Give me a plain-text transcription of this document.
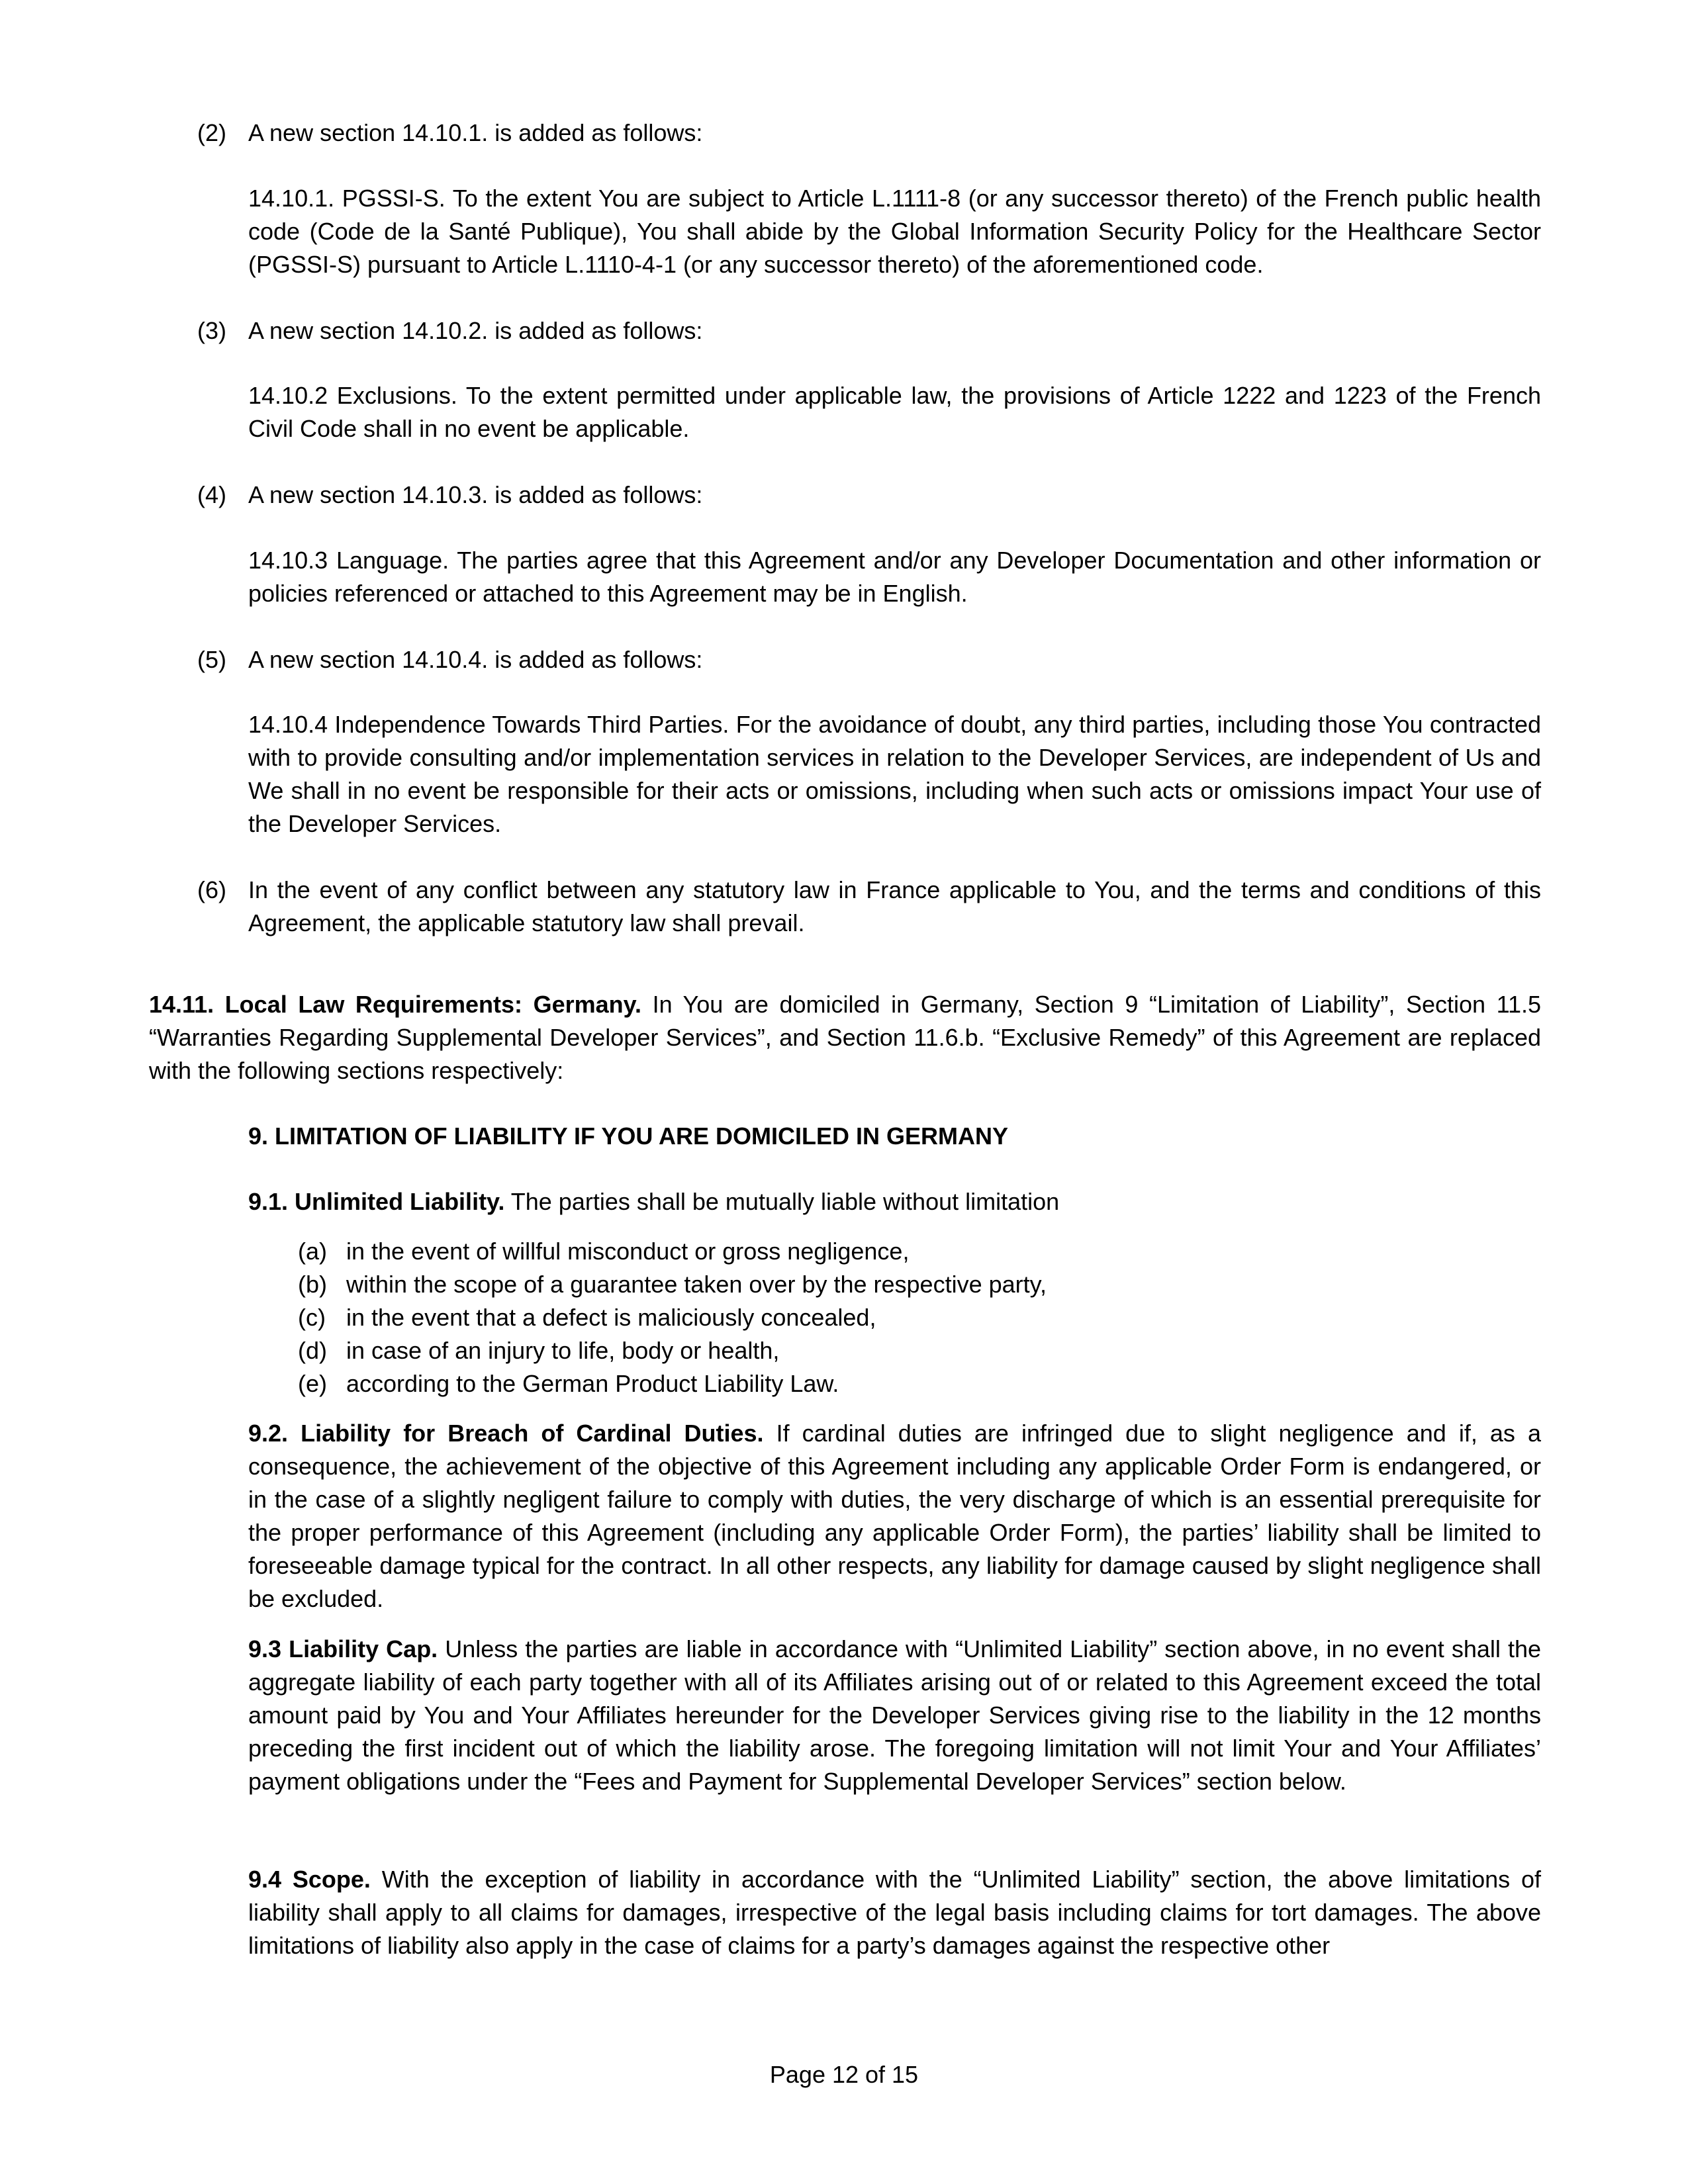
(2) A new section 14.10.1. is added as follows:

14.10.1. PGSSI-S. To the extent You are subject to Article L.1111-8 (or any successor thereto) of the French public health code (Code de la Santé Publique), You shall abide by the Global Information Security Policy for the Healthcare Sector (PGSSI-S) pursuant to Article L.1110-4-1 (or any successor thereto) of the aforementioned code.

(3) A new section 14.10.2. is added as follows:

14.10.2 Exclusions. To the extent permitted under applicable law, the provisions of Article 1222 and 1223 of the French Civil Code shall in no event be applicable.

(4) A new section 14.10.3. is added as follows:

14.10.3 Language. The parties agree that this Agreement and/or any Developer Documentation and other information or policies referenced or attached to this Agreement may be in English.

(5) A new section 14.10.4. is added as follows:

14.10.4 Independence Towards Third Parties. For the avoidance of doubt, any third parties, including those You contracted with to provide consulting and/or implementation services in relation to the Developer Services, are independent of Us and We shall in no event be responsible for their acts or omissions, including when such acts or omissions impact Your use of the Developer Services.

(6) In the event of any conflict between any statutory law in France applicable to You, and the terms and conditions of this Agreement, the applicable statutory law shall prevail.

14.11. Local Law Requirements: Germany. In You are domiciled in Germany, Section 9 “Limitation of Liability”, Section 11.5 “Warranties Regarding Supplemental Developer Services”, and Section 11.6.b. “Exclusive Remedy” of this Agreement are replaced with the following sections respectively:

9. LIMITATION OF LIABILITY IF YOU ARE DOMICILED IN GERMANY

9.1. Unlimited Liability. The parties shall be mutually liable without limitation

(a) in the event of willful misconduct or gross negligence,
(b) within the scope of a guarantee taken over by the respective party,
(c) in the event that a defect is maliciously concealed,
(d) in case of an injury to life, body or health,
(e) according to the German Product Liability Law.

9.2. Liability for Breach of Cardinal Duties. If cardinal duties are infringed due to slight negligence and if, as a consequence, the achievement of the objective of this Agreement including any applicable Order Form is endangered, or in the case of a slightly negligent failure to comply with duties, the very discharge of which is an essential prerequisite for the proper performance of this Agreement (including any applicable Order Form), the parties’ liability shall be limited to foreseeable damage typical for the contract. In all other respects, any liability for damage caused by slight negligence shall be excluded.

9.3 Liability Cap. Unless the parties are liable in accordance with “Unlimited Liability” section above, in no event shall the aggregate liability of each party together with all of its Affiliates arising out of or related to this Agreement exceed the total amount paid by You and Your Affiliates hereunder for the Developer Services giving rise to the liability in the 12 months preceding the first incident out of which the liability arose. The foregoing limitation will not limit Your and Your Affiliates’ payment obligations under the “Fees and Payment for Supplemental Developer Services” section below.

9.4 Scope. With the exception of liability in accordance with the “Unlimited Liability” section, the above limitations of liability shall apply to all claims for damages, irrespective of the legal basis including claims for tort damages. The above limitations of liability also apply in the case of claims for a party’s damages against the respective other

Page 12 of 15
